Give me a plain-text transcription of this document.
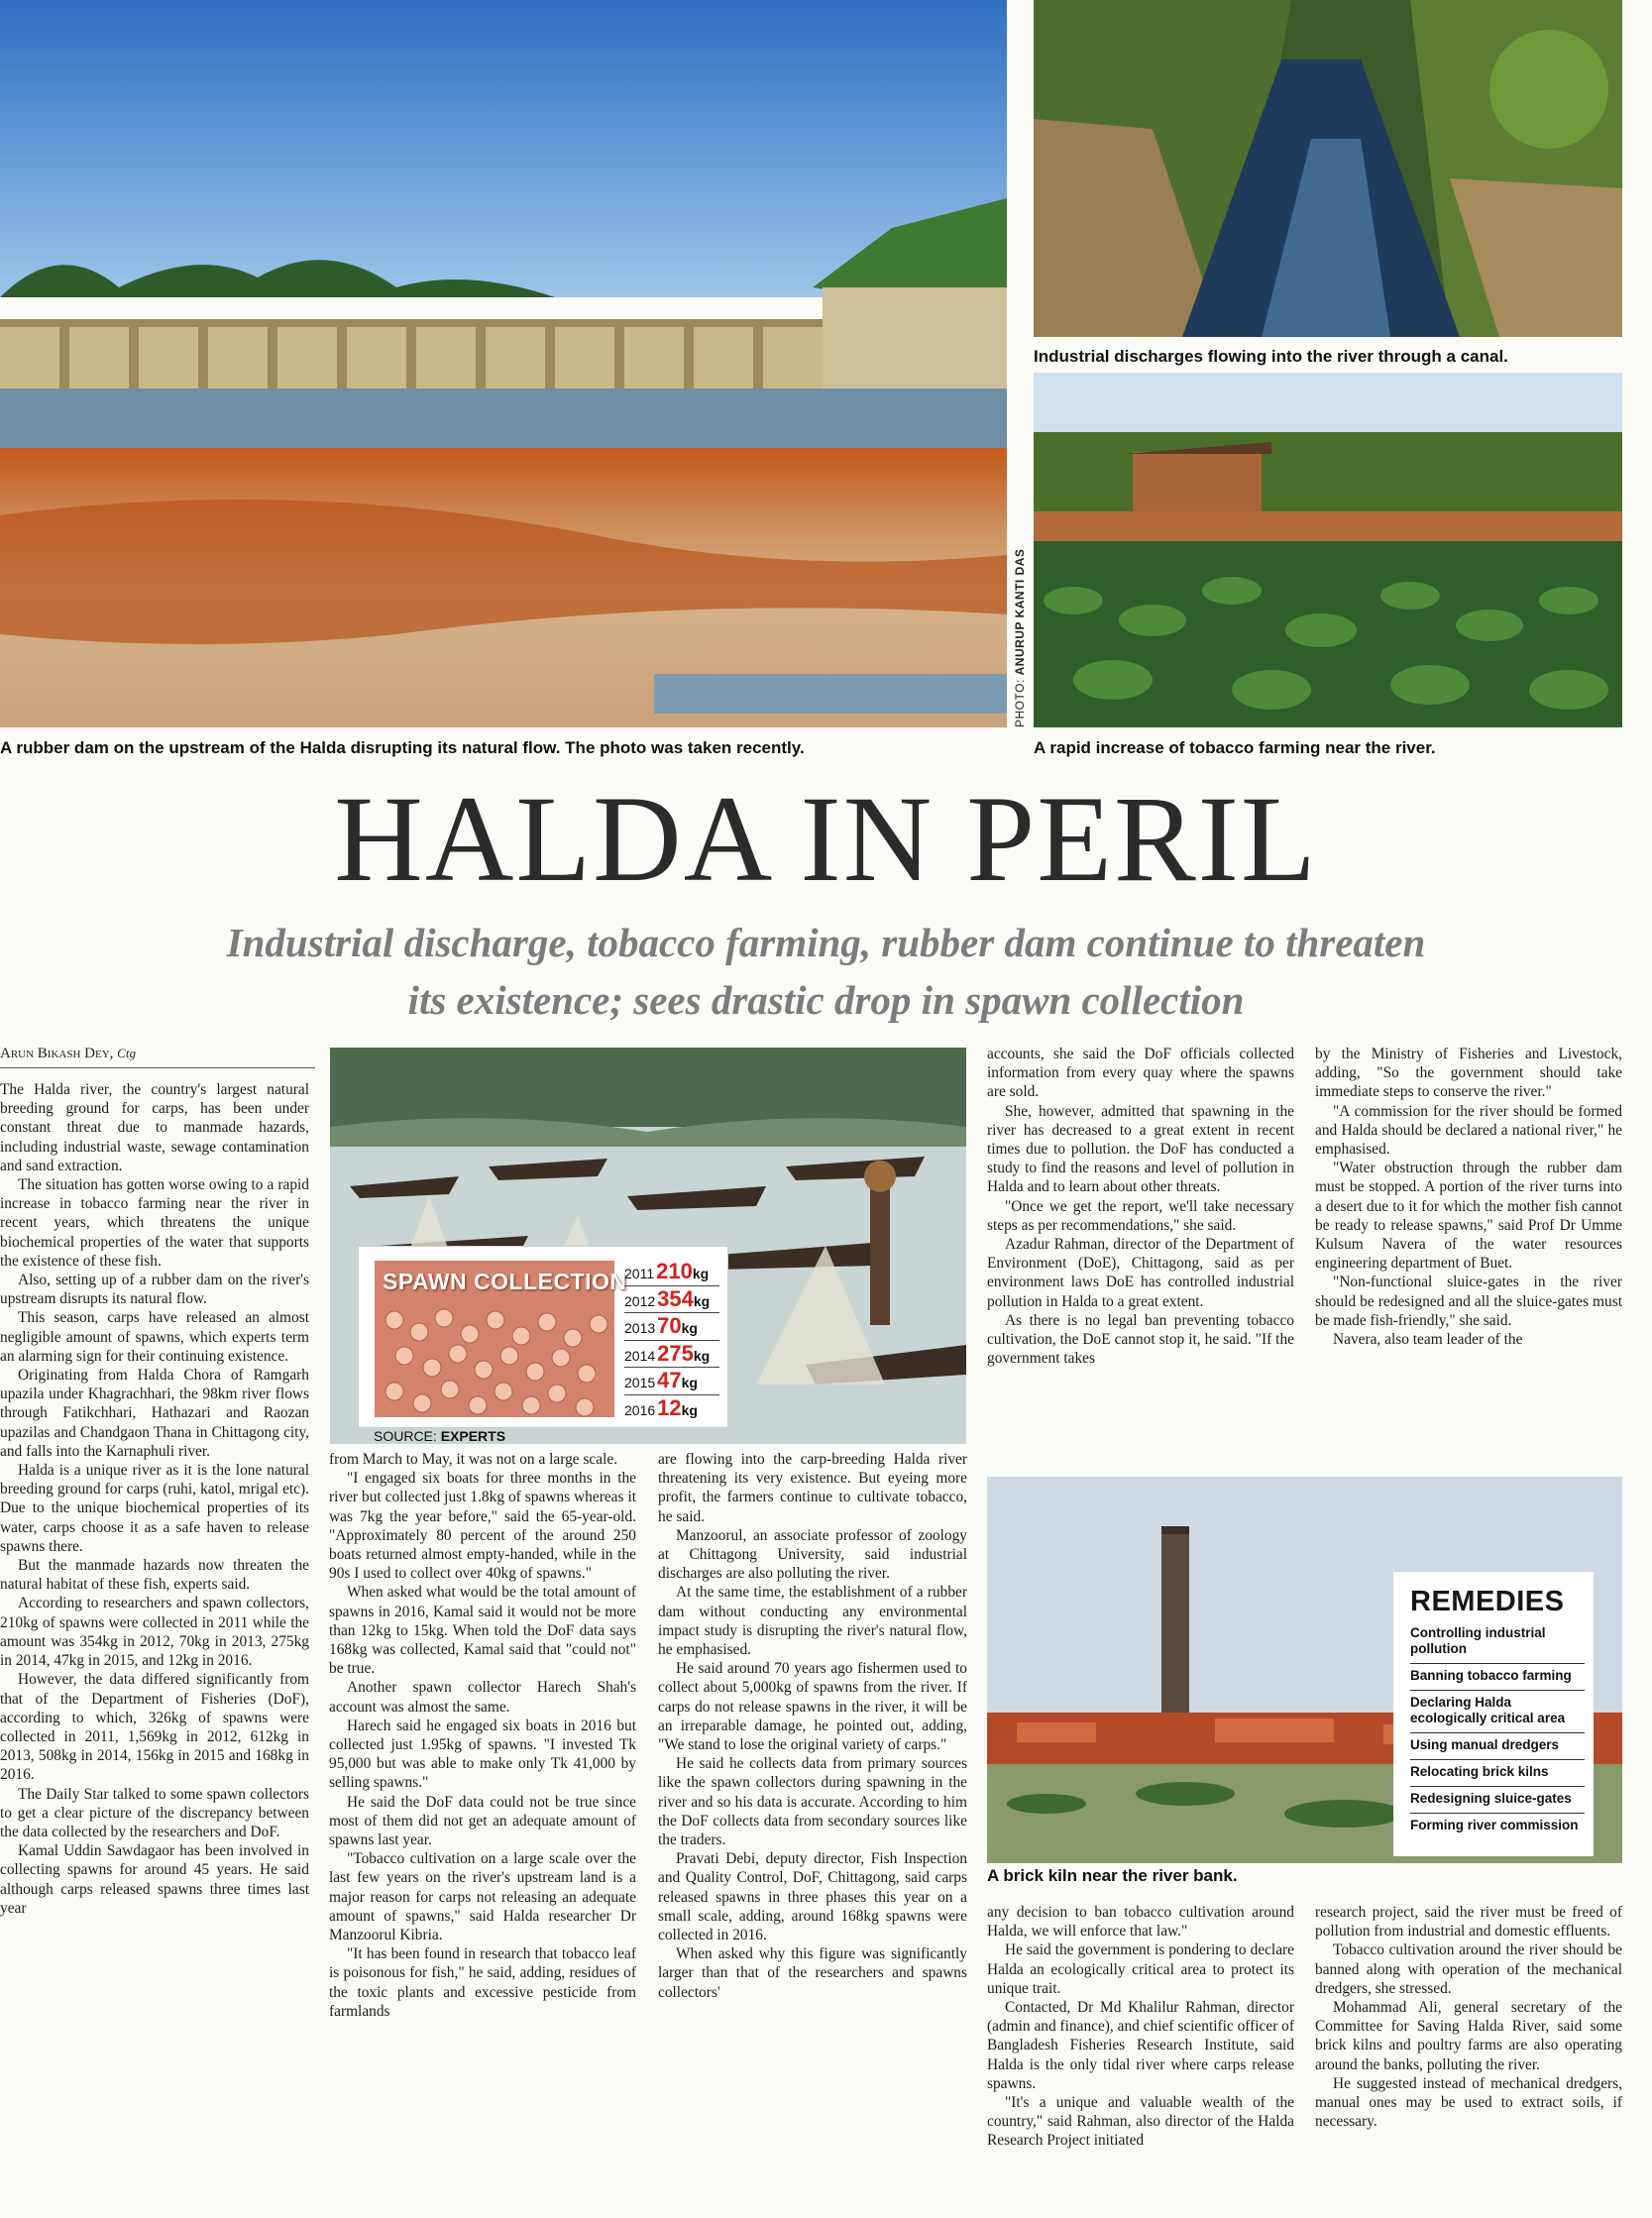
Industrial discharges flowing into the river through a canal.
PHOTO: ANURUP KANTI DAS
A rubber dam on the upstream of the Halda disrupting its natural flow. The photo was taken recently.	A rapid increase of tobacco farming near the river.
HALDA IN PERIL
Industrial discharge, tobacco farming, rubber dam continue to threaten
its existence; sees drastic drop in spawn collection
Arun Bikash Dey, Ctg

The Halda river, the country's largest natural breeding ground for carps, has been under constant threat due to manmade hazards, including industrial waste, sewage contamination and sand extraction.

The situation has gotten worse owing to a rapid increase in tobacco farming near the river in recent years, which threatens the unique biochemical properties of the water that supports the existence of these fish.

Also, setting up of a rubber dam on the river's upstream disrupts its natural flow.

This season, carps have released an almost negligible amount of spawns, which experts term an alarming sign for their continuing existence.

Originating from Halda Chora of Ramgarh upazila under Khagrachhari, the 98km river flows through Fatikchhari, Hathazari and Raozan upazilas and Chandgaon Thana in Chittagong city, and falls into the Karnaphuli river.

Halda is a unique river as it is the lone natural breeding ground for carps (ruhi, katol, mrigal etc). Due to the unique biochemical properties of its water, carps choose it as a safe haven to release spawns there.

But the manmade hazards now threaten the natural habitat of these fish, experts said.

According to researchers and spawn collectors, 210kg of spawns were collected in 2011 while the amount was 354kg in 2012, 70kg in 2013, 275kg in 2014, 47kg in 2015, and 12kg in 2016.

However, the data differed significantly from that of the Department of Fisheries (DoF), according to which, 326kg of spawns were collected in 2011, 1,569kg in 2012, 612kg in 2013, 508kg in 2014, 156kg in 2015 and 168kg in 2016.

The Daily Star talked to some spawn collectors to get a clear picture of the discrepancy between the data collected by the researchers and DoF.

Kamal Uddin Sawdagaor has been involved in collecting spawns for around 45 years. He said although carps released spawns three times last year

SPAWN COLLECTION
2011210kg
2012354kg
201370kg
2014275kg
201547kg
201612kg
SOURCE: EXPERTS

from March to May, it was not on a large scale.

"I engaged six boats for three months in the river but collected just 1.8kg of spawns whereas it was 7kg the year before," said the 65-year-old. "Approximately 80 percent of the around 250 boats returned almost empty-handed, while in the 90s I used to collect over 40kg of spawns."

When asked what would be the total amount of spawns in 2016, Kamal said it would not be more than 12kg to 15kg. When told the DoF data says 168kg was collected, Kamal said that "could not" be true.

Another spawn collector Harech Shah's account was almost the same.

Harech said he engaged six boats in 2016 but collected just 1.95kg of spawns. "I invested Tk 95,000 but was able to make only Tk 41,000 by selling spawns."

He said the DoF data could not be true since most of them did not get an adequate amount of spawns last year.

"Tobacco cultivation on a large scale over the last few years on the river's upstream land is a major reason for carps not releasing an adequate amount of spawns," said Halda researcher Dr Manzoorul Kibria.

"It has been found in research that tobacco leaf is poisonous for fish," he said, adding, residues of the toxic plants and excessive pesticide from farmlands

are flowing into the carp-breeding Halda river threatening its very existence. But eyeing more profit, the farmers continue to cultivate tobacco, he said.

Manzoorul, an associate professor of zoology at Chittagong University, said industrial discharges are also polluting the river.

At the same time, the establishment of a rubber dam without conducting any environmental impact study is disrupting the river's natural flow, he emphasised.

He said around 70 years ago fishermen used to collect about 5,000kg of spawns from the river. If carps do not release spawns in the river, it will be an irreparable damage, he pointed out, adding, "We stand to lose the original variety of carps."

He said he collects data from primary sources like the spawn collectors during spawning in the river and so his data is accurate. According to him the DoF collects data from secondary sources like the traders.

Pravati Debi, deputy director, Fish Inspection and Quality Control, DoF, Chittagong, said carps released spawns in three phases this year on a small scale, adding, around 168kg spawns were collected in 2016.

When asked why this figure was significantly larger than that of the researchers and spawns collectors'

accounts, she said the DoF officials collected information from every quay where the spawns are sold.

She, however, admitted that spawning in the river has decreased to a great extent in recent times due to pollution. the DoF has conducted a study to find the reasons and level of pollution in Halda and to learn about other threats.

"Once we get the report, we'll take necessary steps as per recommendations," she said.

Azadur Rahman, director of the Department of Environment (DoE), Chittagong, said as per environment laws DoE has controlled industrial pollution in Halda to a great extent.

As there is no legal ban preventing tobacco cultivation, the DoE cannot stop it, he said. "If the government takes

by the Ministry of Fisheries and Livestock, adding, "So the government should take immediate steps to conserve the river."

"A commission for the river should be formed and Halda should be declared a national river," he emphasised.

"Water obstruction through the rubber dam must be stopped. A portion of the river turns into a desert due to it for which the mother fish cannot be ready to release spawns," said Prof Dr Umme Kulsum Navera of the water resources engineering department of Buet.

"Non-functional sluice-gates in the river should be redesigned and all the sluice-gates must be made fish-friendly," she said.

Navera, also team leader of the

REMEDIES
Controlling industrial pollution
Banning tobacco farming
Declaring Halda ecologically critical area
Using manual dredgers
Relocating brick kilns
Redesigning sluice-gates
Forming river commission
A brick kiln near the river bank.

any decision to ban tobacco cultivation around Halda, we will enforce that law."

He said the government is pondering to declare Halda an ecologically critical area to protect its unique trait.

Contacted, Dr Md Khalilur Rahman, director (admin and finance), and chief scientific officer of Bangladesh Fisheries Research Institute, said Halda is the only tidal river where carps release spawns.

"It's a unique and valuable wealth of the country," said Rahman, also director of the Halda Research Project initiated

research project, said the river must be freed of pollution from industrial and domestic effluents.

Tobacco cultivation around the river should be banned along with operation of the mechanical dredgers, she stressed.

Mohammad Ali, general secretary of the Committee for Saving Halda River, said some brick kilns and poultry farms are also operating around the banks, polluting the river.

He suggested instead of mechanical dredgers, manual ones may be used to extract soils, if necessary.
